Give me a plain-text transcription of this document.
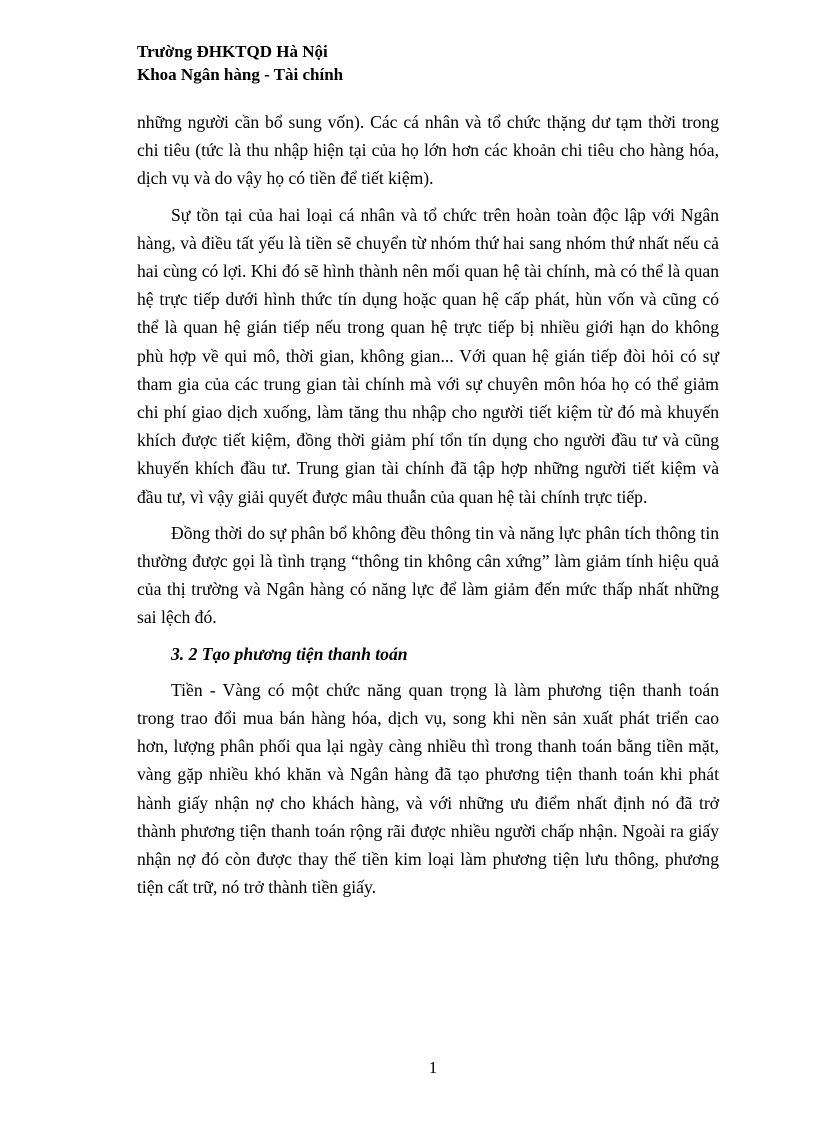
Trường ĐHKTQD Hà Nội
Khoa Ngân hàng - Tài chính

những người cần bổ sung vốn). Các cá nhân và tổ chức thặng dư tạm thời trong chi tiêu (tức là thu nhập hiện tại của họ lớn hơn các khoản chi tiêu cho hàng hóa, dịch vụ và do vậy họ có tiền để tiết kiệm).

Sự tồn tại của hai loại cá nhân và tổ chức trên hoàn toàn độc lập với Ngân hàng, và điều tất yếu là tiền sẽ chuyển từ nhóm thứ hai sang nhóm thứ nhất nếu cả hai cùng có lợi. Khi đó sẽ hình thành nên mối quan hệ tài chính, mà có thể là quan hệ trực tiếp dưới hình thức tín dụng hoặc quan hệ cấp phát, hùn vốn và cũng có thể là quan hệ gián tiếp nếu trong quan hệ trực tiếp bị nhiều giới hạn do không phù hợp về qui mô, thời gian, không gian... Với quan hệ gián tiếp đòi hỏi có sự tham gia của các trung gian tài chính mà với sự chuyên môn hóa họ có thể giảm chi phí giao dịch xuống, làm tăng thu nhập cho người tiết kiệm từ đó mà khuyến khích được tiết kiệm, đồng thời giảm phí tổn tín dụng cho người đầu tư và cũng khuyến khích đầu tư. Trung gian tài chính đã tập hợp những người tiết kiệm và đầu tư, vì vậy giải quyết được mâu thuẫn của quan hệ tài chính trực tiếp.

Đồng thời do sự phân bổ không đều thông tin và năng lực phân tích thông tin thường được gọi là tình trạng “thông tin không cân xứng” làm giảm tính hiệu quả của thị trường và Ngân hàng có năng lực để làm giảm đến mức thấp nhất những sai lệch đó.

3. 2 Tạo phương tiện thanh toán

Tiền - Vàng có một chức năng quan trọng là làm phương tiện thanh toán trong trao đổi mua bán hàng hóa, dịch vụ, song khi nền sản xuất phát triển cao hơn, lượng phân phối qua lại ngày càng nhiều thì trong thanh toán bằng tiền mặt, vàng gặp nhiều khó khăn và Ngân hàng đã tạo phương tiện thanh toán khi phát hành giấy nhận nợ cho khách hàng, và với những ưu điểm nhất định nó đã trở thành phương tiện thanh toán rộng rãi được nhiều người chấp nhận. Ngoài ra giấy nhận nợ đó còn được thay thế tiền kim loại làm phương tiện lưu thông, phương tiện cất trữ, nó trở thành tiền giấy.

1
